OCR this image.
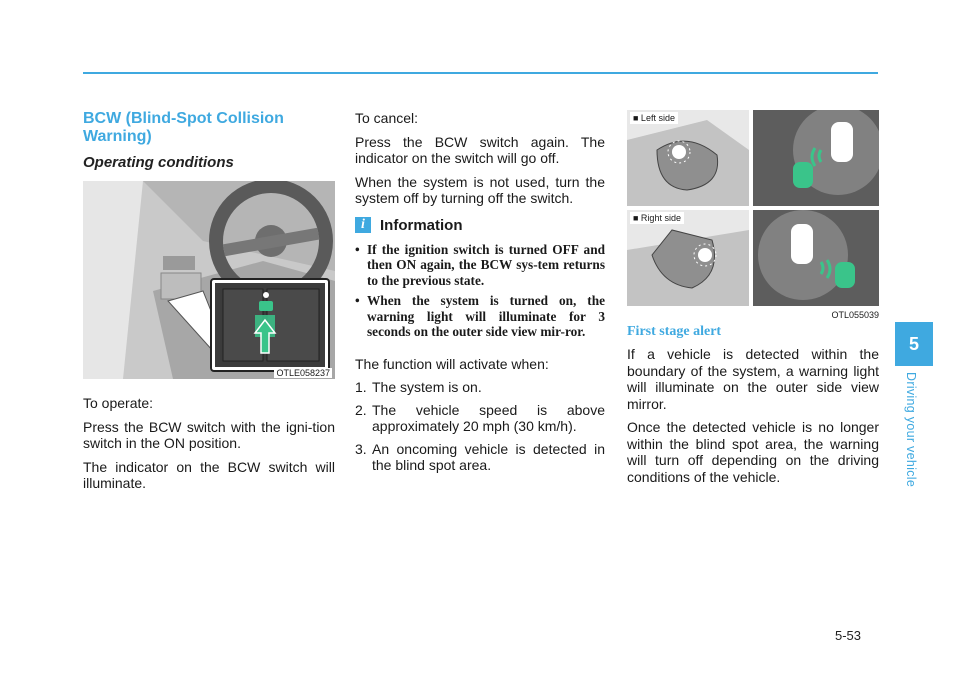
BCW (Blind-Spot Collision Warning)
Operating conditions
OTLE058237

To operate:

Press the BCW switch with the igni-tion switch in the ON position.

The indicator on the BCW switch will illuminate.

To cancel:

Press the BCW switch again. The indicator on the switch will go off.

When the system is not used, turn the system off by turning off the switch.

i	Information
• If the ignition switch is turned OFF and then ON again, the BCW sys-tem returns to the previous state.
• When the system is turned on, the warning light will illuminate for 3 seconds on the outer side view mir-ror.

The function will activate when:

1. The system is on.
2. The vehicle speed is above approximately 20 mph (30 km/h).
3. An oncoming vehicle is detected in the blind spot area.
■ Left side
■ Right side
OTL055039
First stage alert

If a vehicle is detected within the boundary of the system, a warning light will illuminate on the outer side view mirror.

Once the detected vehicle is no longer within the blind spot area, the warning will turn off depending on the driving conditions of the vehicle.

5
Driving your vehicle
5-53
